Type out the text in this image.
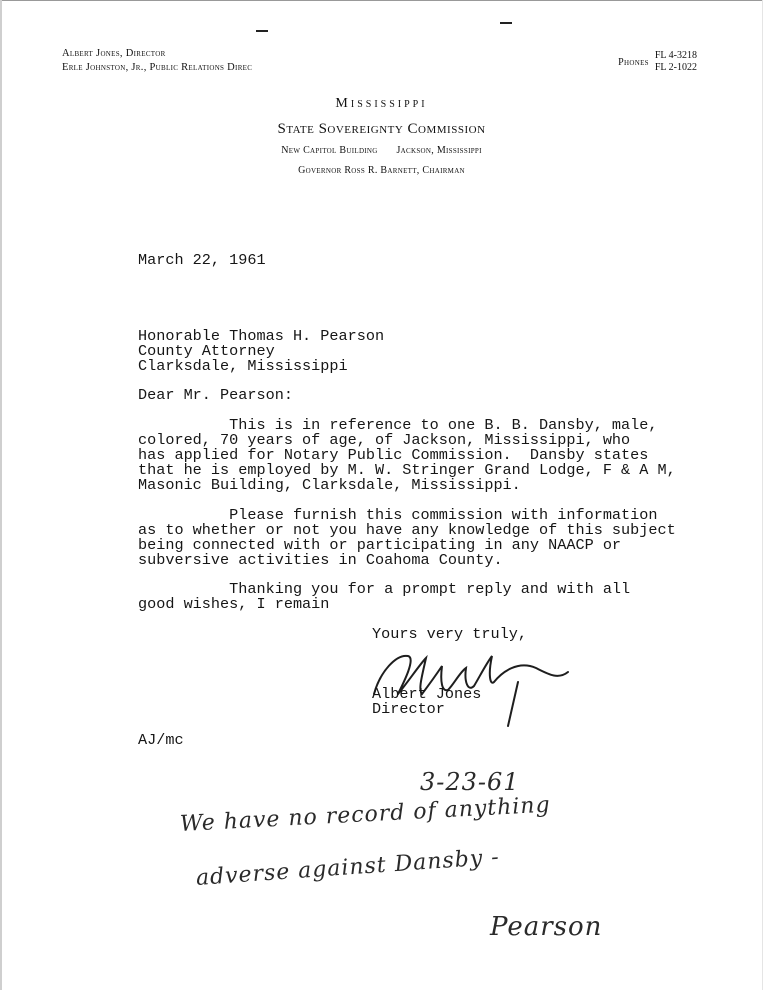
Albert Jones, Director
Erle Johnston, Jr., Public Relations Direc	Phones
FL 4-3218
FL 2-1022
Mississippi
State Sovereignty Commission
New Capitol Building Jackson, Mississippi
Governor Ross R. Barnett, Chairman
March 22, 1961
Honorable Thomas H. Pearson
County Attorney
Clarksdale, Mississippi
Dear Mr. Pearson:
This is in reference to one B. B. Dansby, male,
colored, 70 years of age, of Jackson, Mississippi, who
has applied for Notary Public Commission.  Dansby states
that he is employed by M. W. Stringer Grand Lodge, F & A M,
Masonic Building, Clarksdale, Mississippi.
Please furnish this commission with information
as to whether or not you have any knowledge of this subject
being connected with or participating in any NAACP or
subversive activities in Coahoma County.
Thanking you for a prompt reply and with all
good wishes, I remain
Yours very truly,
Albert Jones
Director
AJ/mc
3-23-61
We have no record of anything
adverse against Dansby -
Pearson
